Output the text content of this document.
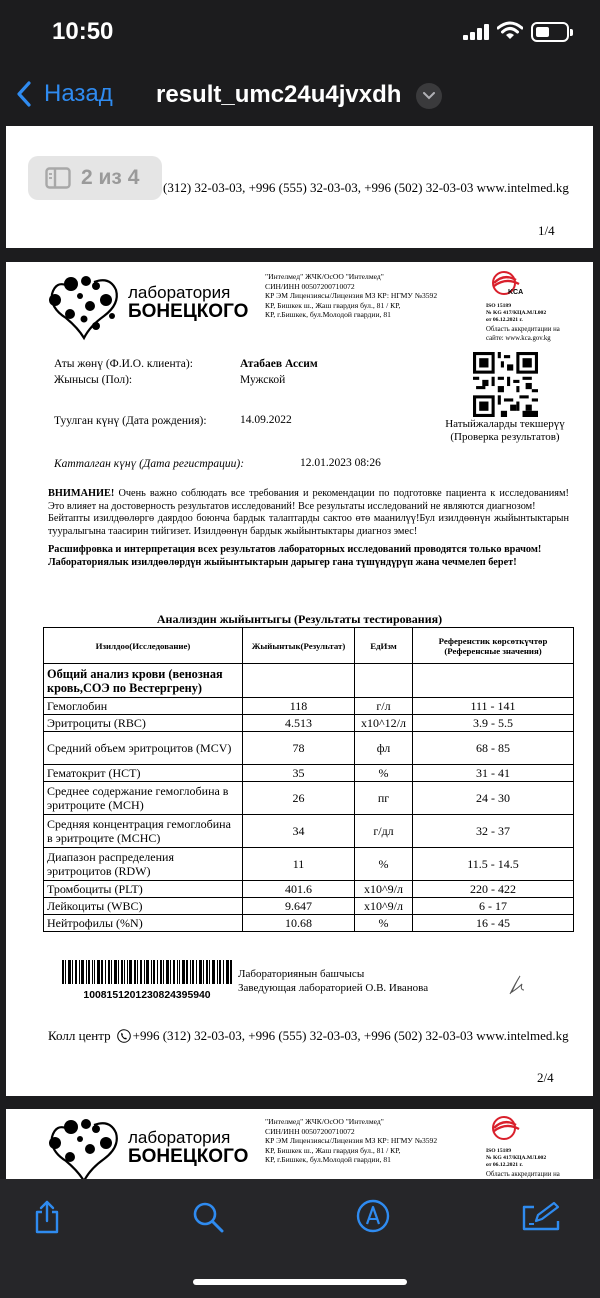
10:50
Назад result_umc24u4jvxdh
2 из 4 (312) 32-03-03, +996 (555) 32-03-03, +996 (502) 32-03-03 www.intelmed.kg
1/4
лаборатория
БОНЕЦКОГО
"Интелмед" ЖЧК/ОсОО "Интелмед"
СИН/ИНН 00507200710072
КР ЭМ Лицензиясы/Лицензия МЗ КР: НГМУ №3592
КР, Бишкек ш., Жаш гвардия бул., 81 / КР,
КР, г.Бишкек, бул.Молодой гвардии, 81
KCA
ISO 15189
№ KG 417/КЦА.МЛ.002
от 06.12.2021 г.
Область аккредитации на
сайте: www.kca.gov.kg
Аты жөнү (Ф.И.О. клиента):	Атабаев Ассим
Жынысы (Пол):	Мужской
Туулган күнү (Дата рождения):	14.09.2022
Катталган күнү (Дата регистрации):	12.01.2023 08:26
Натыйжаларды текшерүү
(Проверка результатов)
ВНИМАНИЕ! Очень важно соблюдать все требования и рекомендации по подготовке пациента к исследованиям! Это влияет на достоверность результатов исследований! Все результаты исследований не являются диагнозом!
Бейтапты изилдөөлөргө даярдоо боюнча бардык талаптарды сактоо өтө маанилүү!Бул изилдөөнүн жыйынтыктарын тууралыгына таасирин тийгизет. Изилдөөнүн бардык жыйынтыктары диагноз эмес!
Расшифровка и интерпретация всех результатов лабораторных исследований проводятся только врачом!
Лабораториялык изилдөөлөрдүн жыйынтыктарын дарыгер гана түшүндүрүп жана чечмелеп берет!
Анализдин жыйынтыгы (Результаты тестирования)
Изилдоо(Исследование)	Жыйынтык(Результат)	ЕдИзм	Референстик көрсөткүчтөр (Референсные значения)
Общий анализ крови (венозная кровь,СОЭ по Вестергрену)			
Гемоглобин	118	г/л	111 - 141
Эритроциты (RBC)	4.513	x10^12/л	3.9 - 5.5
Средний объем эритроцитов (MCV)	78	фл	68 - 85
Гематокрит (HCT)	35	%	31 - 41
Среднее содержание гемоглобина в эритроците (MCH)	26	пг	24 - 30
Средняя концентрация гемоглобина в эритроците (MCHC)	34	г/дл	32 - 37
Диапазон распределения эритроцитов (RDW)	11	%	11.5 - 14.5
Тромбоциты (PLT)	401.6	x10^9/л	220 - 422
Лейкоциты (WBC)	9.647	x10^9/л	6 - 17
Нейтрофилы (%N)	10.68	%	16 - 45
10081512012308243959​40
Лабораториянын башчысы
Заведующая лабораторией О.В. Иванова
Колл центр +996 (312) 32-03-03, +996 (555) 32-03-03, +996 (502) 32-03-03 www.intelmed.kg
2/4
лаборатория
БОНЕЦКОГО
"Интелмед" ЖЧК/ОсОО "Интелмед"
СИН/ИНН 00507200710072
КР ЭМ Лицензиясы/Лицензия МЗ КР: НГМУ №3592
КР, Бишкек ш., Жаш гвардия бул., 81 / КР,
КР, г.Бишкек, бул.Молодой гвардии, 81
ISO 15189
№ KG 417/КЦА.МЛ.002
от 06.12.2021 г.
Область аккредитации на
